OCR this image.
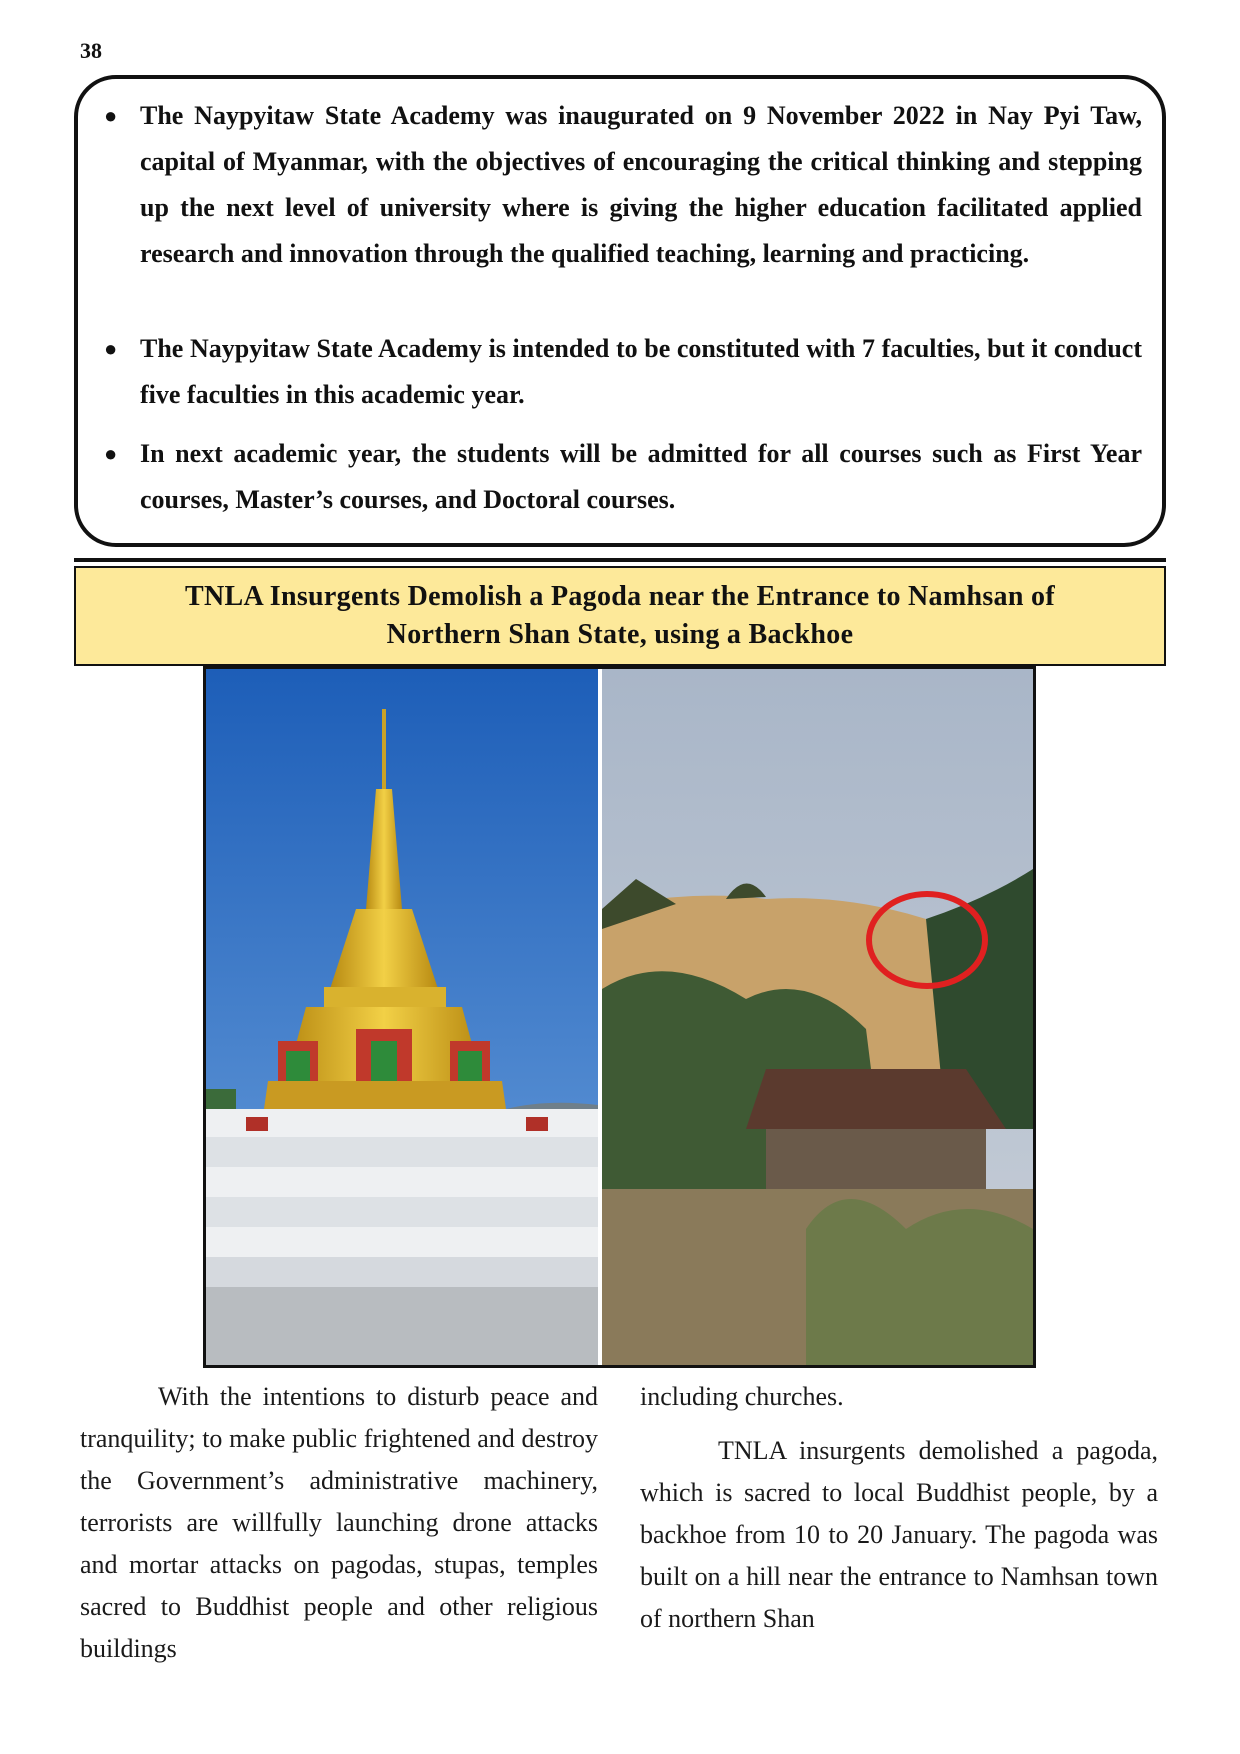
38
● The Naypyitaw State Academy was inaugurated on 9 November 2022 in Nay Pyi Taw, capital of Myanmar, with the objectives of encouraging the critical thinking and stepping up the next level of university where is giving the higher education facilitated applied research and innovation through the qualified teaching, learning and practicing.
● The Naypyitaw State Academy is intended to be constituted with 7 faculties, but it conduct five faculties in this academic year.
● In next academic year, the students will be admitted for all courses such as First Year courses, Master’s courses, and Doctoral courses.
TNLA Insurgents Demolish a Pagoda near the Entrance to Namhsan of
Northern Shan State, using a Backhoe

With the intentions to disturb peace and tranquility; to make public frightened and destroy the Government’s administrative machinery, terrorists are willfully launching drone attacks and mortar attacks on pagodas, stupas, temples sacred to Buddhist people and other religious buildings

including churches.

TNLA insurgents demolished a pagoda, which is sacred to local Buddhist people, by a backhoe from 10 to 20 January. The pagoda was built on a hill near the entrance to Namhsan town of northern Shan
